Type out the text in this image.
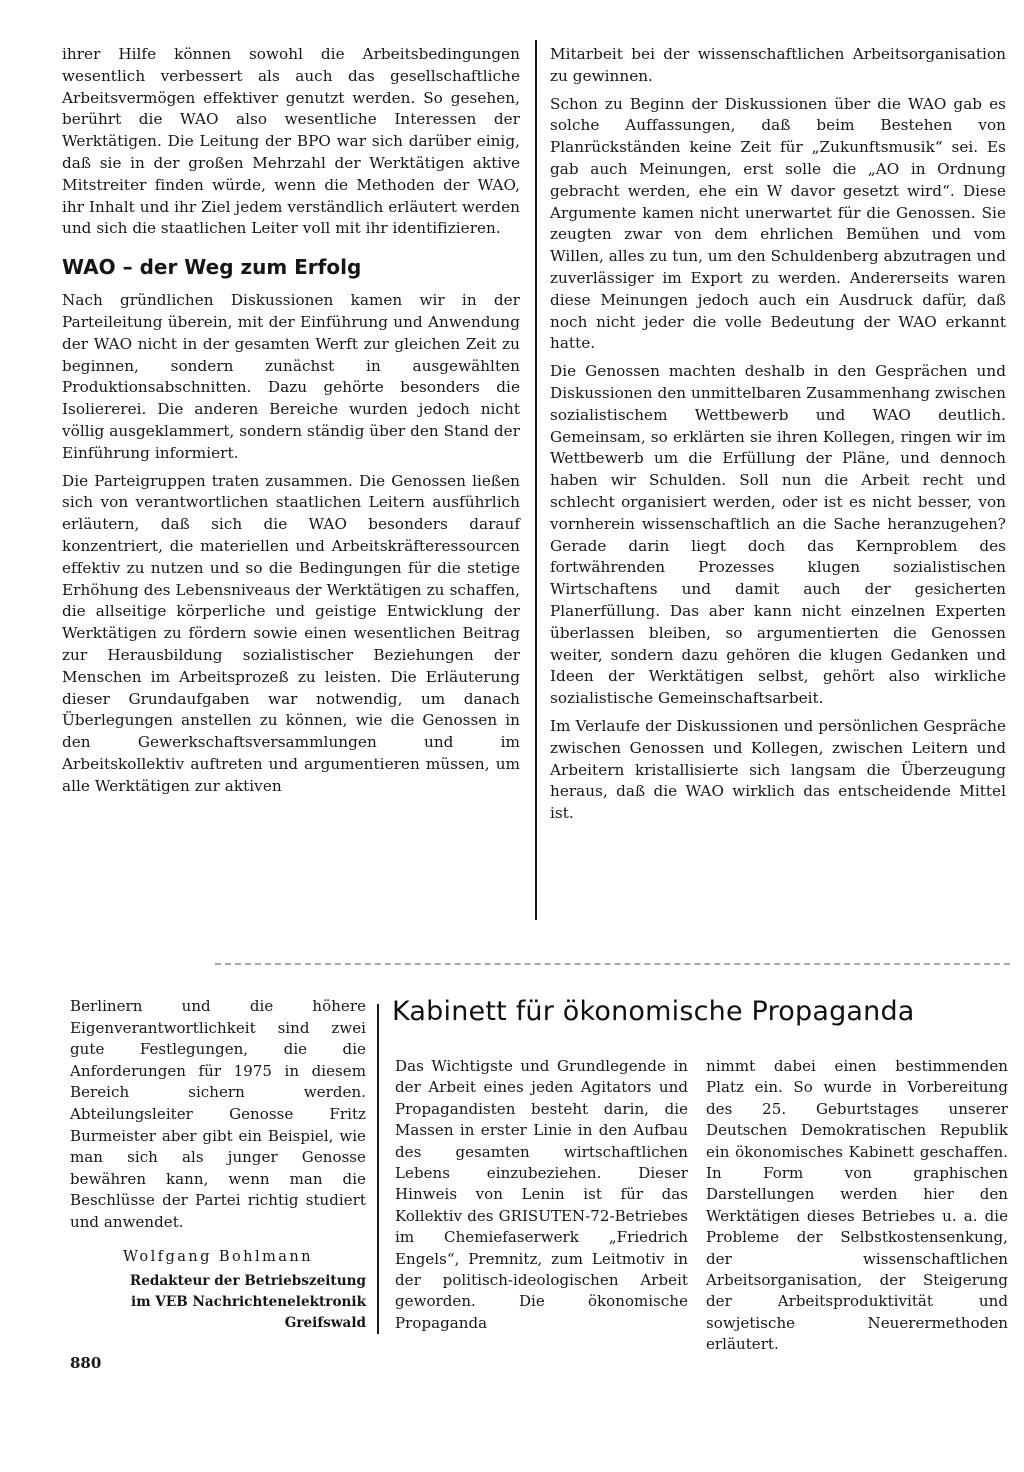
ihrer Hilfe können sowohl die Arbeitsbedingungen wesentlich verbessert als auch das gesellschaftliche Arbeitsvermögen effektiver genutzt werden. So gesehen, berührt die WAO also wesentliche Interessen der Werktätigen. Die Leitung der BPO war sich darüber einig, daß sie in der großen Mehrzahl der Werktätigen aktive Mitstreiter finden würde, wenn die Methoden der WAO, ihr Inhalt und ihr Ziel jedem verständlich erläutert werden und sich die staatlichen Leiter voll mit ihr identifizieren.

WAO – der Weg zum Erfolg

Nach gründlichen Diskussionen kamen wir in der Parteileitung überein, mit der Einführung und Anwendung der WAO nicht in der gesamten Werft zur gleichen Zeit zu beginnen, sondern zunächst in ausgewählten Produktionsabschnitten. Dazu gehörte besonders die Isoliererei. Die anderen Bereiche wurden jedoch nicht völlig ausgeklammert, sondern ständig über den Stand der Einführung informiert.

Die Parteigruppen traten zusammen. Die Genossen ließen sich von verantwortlichen staatlichen Leitern ausführlich erläutern, daß sich die WAO besonders darauf konzentriert, die materiellen und Arbeitskräfteressourcen effektiv zu nutzen und so die Bedingungen für die stetige Erhöhung des Lebensniveaus der Werktätigen zu schaffen, die allseitige körperliche und geistige Entwicklung der Werktätigen zu fördern sowie einen wesentlichen Beitrag zur Herausbildung sozialistischer Beziehungen der Menschen im Arbeitsprozeß zu leisten. Die Erläuterung dieser Grundaufgaben war notwendig, um danach Überlegungen anstellen zu können, wie die Genossen in den Gewerkschaftsversammlungen und im Arbeitskollektiv auftreten und argumentieren müssen, um alle Werktätigen zur aktiven

Mitarbeit bei der wissenschaftlichen Arbeitsorganisation zu gewinnen.

Schon zu Beginn der Diskussionen über die WAO gab es solche Auffassungen, daß beim Bestehen von Planrückständen keine Zeit für „Zukunftsmusik“ sei. Es gab auch Meinungen, erst solle die „AO in Ordnung gebracht werden, ehe ein W davor gesetzt wird“. Diese Argumente kamen nicht unerwartet für die Genossen. Sie zeugten zwar von dem ehrlichen Bemühen und vom Willen, alles zu tun, um den Schuldenberg abzutragen und zuverlässiger im Export zu werden. Andererseits waren diese Meinungen jedoch auch ein Ausdruck dafür, daß noch nicht jeder die volle Bedeutung der WAO erkannt hatte.

Die Genossen machten deshalb in den Gesprächen und Diskussionen den unmittelbaren Zusammenhang zwischen sozialistischem Wettbewerb und WAO deutlich. Gemeinsam, so erklärten sie ihren Kollegen, ringen wir im Wettbewerb um die Erfüllung der Pläne, und dennoch haben wir Schulden. Soll nun die Arbeit recht und schlecht organisiert werden, oder ist es nicht besser, von vornherein wissenschaftlich an die Sache heranzugehen? Gerade darin liegt doch das Kernproblem des fortwährenden Prozesses klugen sozialistischen Wirtschaftens und damit auch der gesicherten Planerfüllung. Das aber kann nicht einzelnen Experten überlassen bleiben, so argumentierten die Genossen weiter, sondern dazu gehören die klugen Gedanken und Ideen der Werktätigen selbst, gehört also wirkliche sozialistische Gemeinschaftsarbeit.

Im Verlaufe der Diskussionen und persönlichen Gespräche zwischen Genossen und Kollegen, zwischen Leitern und Arbeitern kristallisierte sich langsam die Überzeugung heraus, daß die WAO wirklich das entscheidende Mittel ist.

Berlinern und die höhere Eigenverantwortlichkeit sind zwei gute Festlegungen, die die Anforderungen für 1975 in diesem Bereich sichern werden. Abteilungsleiter Genosse Fritz Burmeister aber gibt ein Beispiel, wie man sich als junger Genosse bewähren kann, wenn man die Beschlüsse der Partei richtig studiert und anwendet.

Wolfgang Bohlmann
Redakteur der Betriebszeitung
im VEB Nachrichtenelektronik
Greifswald
Kabinett für ökonomische Propaganda

Das Wichtigste und Grundlegende in der Arbeit eines jeden Agitators und Propagandisten besteht darin, die Massen in erster Linie in den Aufbau des gesamten wirtschaftlichen Lebens einzubeziehen. Dieser Hinweis von Lenin ist für das Kollektiv des GRISUTEN-72-Betriebes im Chemiefaserwerk „Friedrich Engels“, Premnitz, zum Leitmotiv in der politisch-ideologischen Arbeit geworden. Die ökonomische Propaganda

nimmt dabei einen bestimmenden Platz ein. So wurde in Vorbereitung des 25. Geburtstages unserer Deutschen Demokratischen Republik ein ökonomisches Kabinett geschaffen. In Form von graphischen Darstellungen werden hier den Werktätigen dieses Betriebes u. a. die Probleme der Selbstkostensenkung, der wissenschaftlichen Arbeitsorganisation, der Steigerung der Arbeitsproduktivität und sowjetische Neuerermethoden erläutert.

880
